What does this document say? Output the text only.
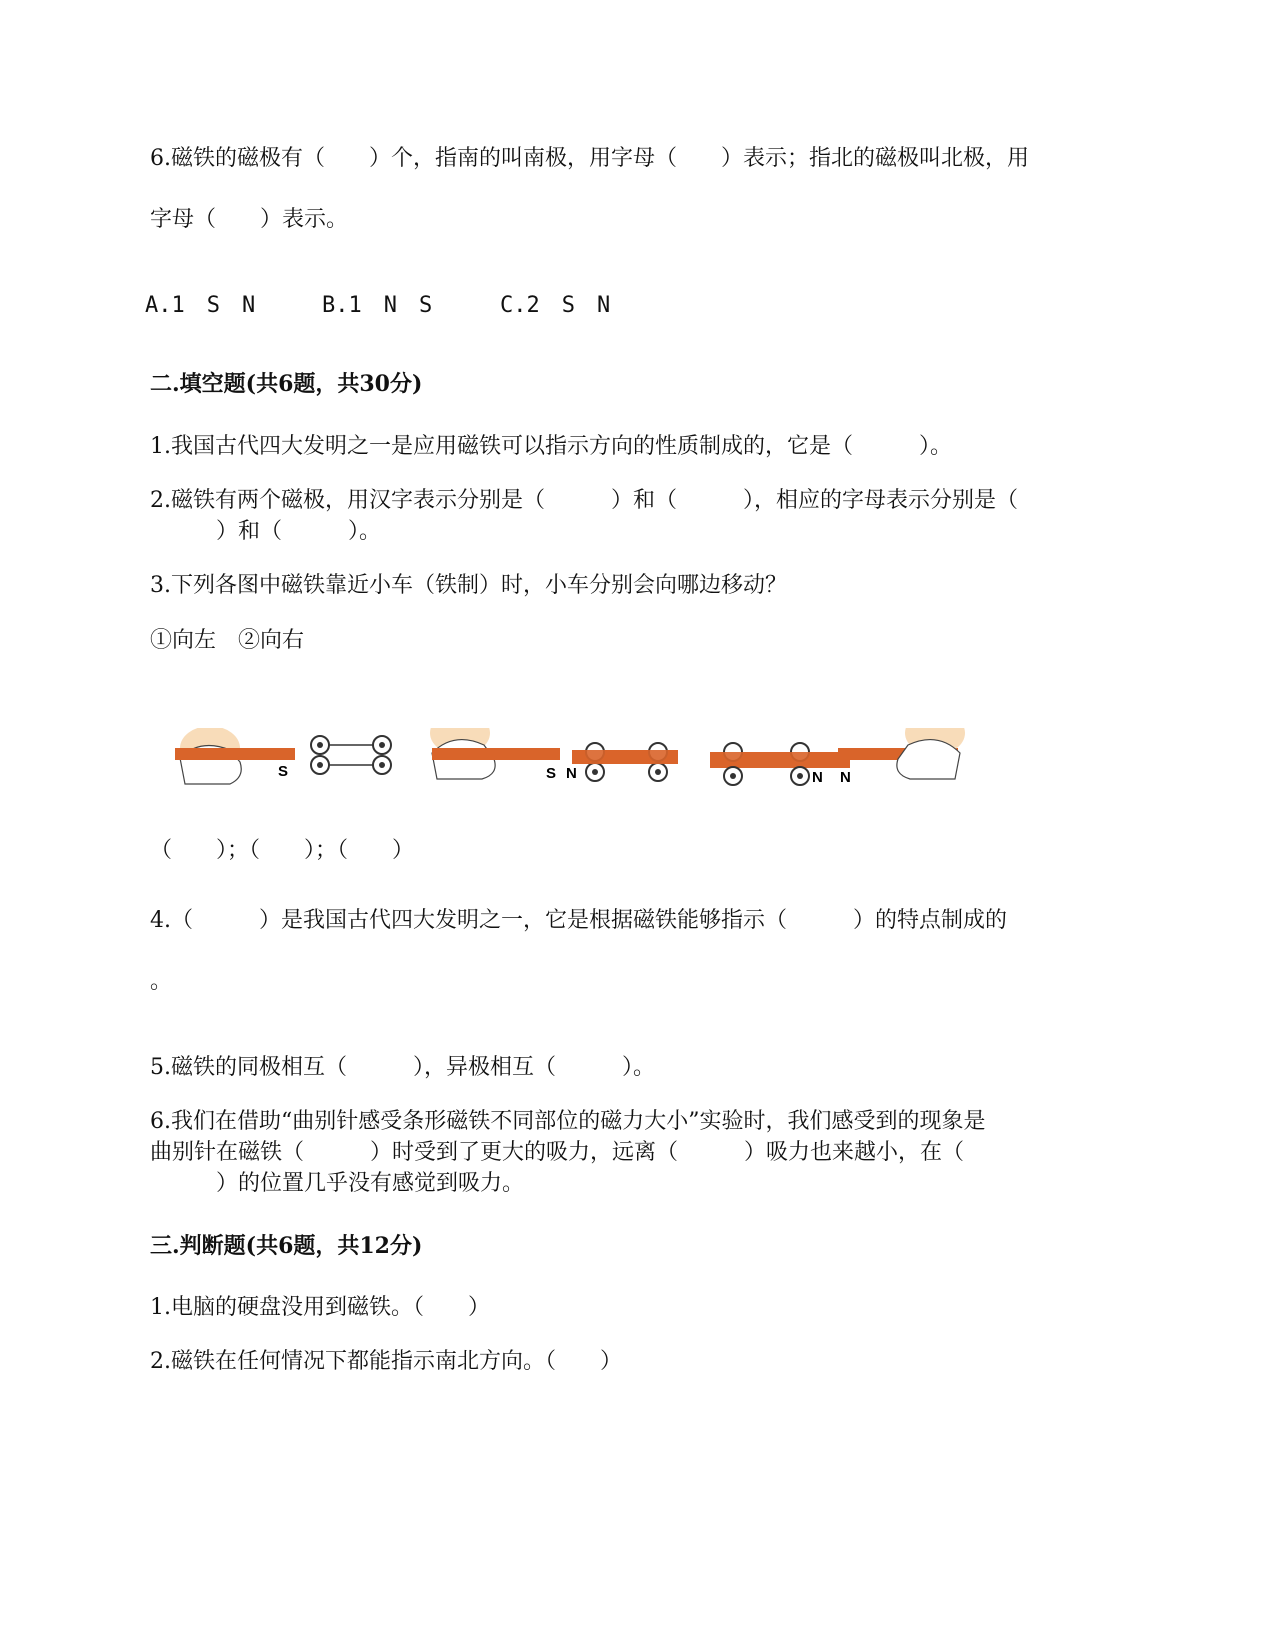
6.磁铁的磁极有（　　）个，指南的叫南极，用字母（　　）表示；指北的磁极叫北极，用
字母（　　）表示。
A.1　S　N	B.1　N　S	C.2　S　N
二.填空题(共6题，共30分)
1.我国古代四大发明之一是应用磁铁可以指示方向的性质制成的，它是（　　　）。
2.磁铁有两个磁极，用汉字表示分别是（　　　）和（　　　），相应的字母表示分别是（
　　　）和（　　　）。
3.下列各图中磁铁靠近小车（铁制）时，小车分别会向哪边移动？
①向左　②向右
S	S N	N N
（　　）；（　　）；（　　）
4.（　　　）是我国古代四大发明之一，它是根据磁铁能够指示（　　　）的特点制成的
。
5.磁铁的同极相互（　　　），异极相互（　　　）。
6.我们在借助“曲别针感受条形磁铁不同部位的磁力大小”实验时，我们感受到的现象是
曲别针在磁铁（　　　）时受到了更大的吸力，远离（　　　）吸力也来越小，在（
　　　）的位置几乎没有感觉到吸力。
三.判断题(共6题，共12分)
1.电脑的硬盘没用到磁铁。（　　）
2.磁铁在任何情况下都能指示南北方向。（　　）
